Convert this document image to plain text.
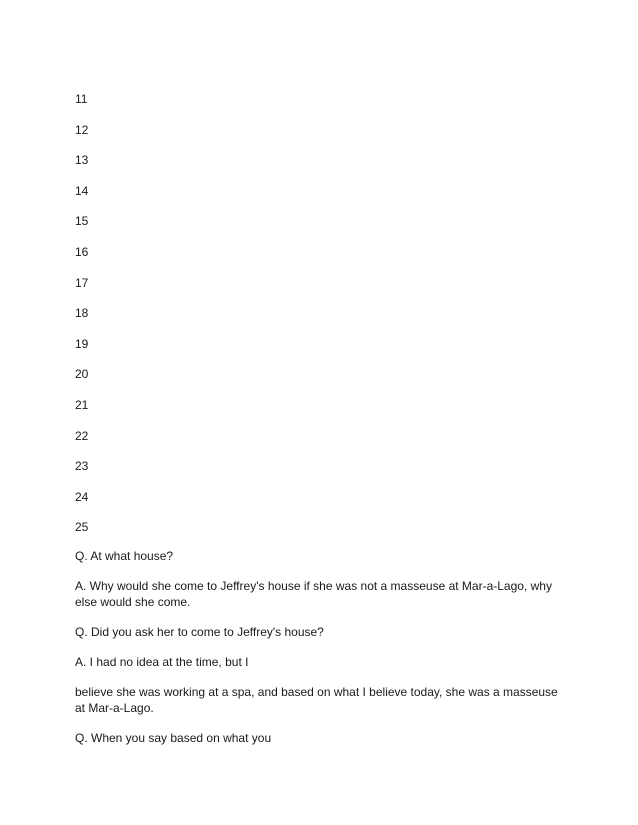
11
12
13
14
15
16
17
18
19
20
21
22
23
24
25

Q. At what house?

A. Why would she come to Jeffrey's house if she was not a masseuse at Mar-a-Lago, why else would she come.

Q. Did you ask her to come to Jeffrey's house?

A. I had no idea at the time, but I

believe she was working at a spa, and based on what I believe today, she was a masseuse at Mar-a-Lago.

Q. When you say based on what you
